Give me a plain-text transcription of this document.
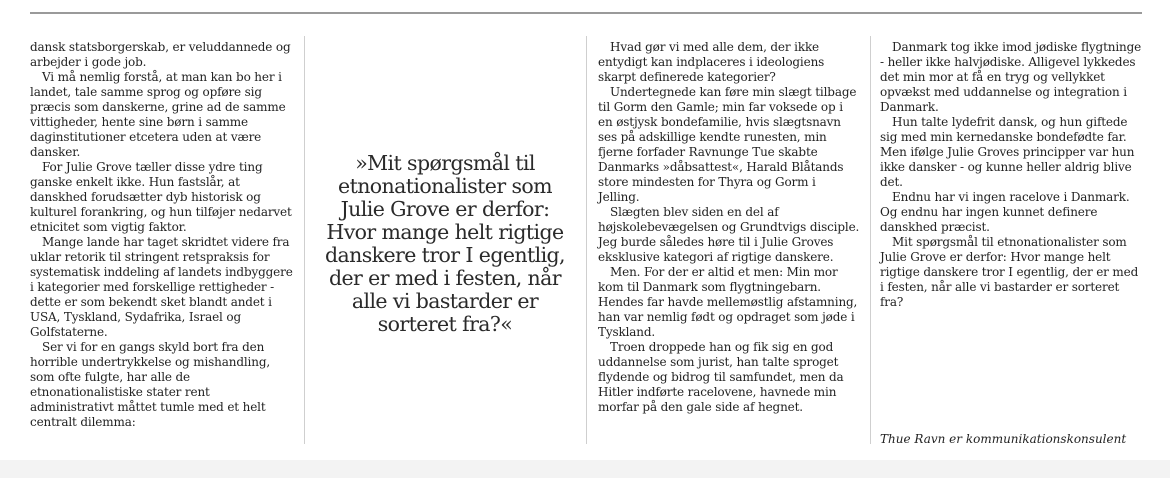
dansk statsborgerskab, er veluddannede og arbejder i gode job.

Vi må nemlig forstå, at man kan bo her i landet, tale samme sprog og opføre sig præcis som danskerne, grine ad de samme vittigheder, hente sine børn i samme daginstitutioner etcetera uden at være dansker.

For Julie Grove tæller disse ydre ting ganske enkelt ikke. Hun fastslår, at danskhed forudsætter dyb historisk og kulturel forankring, og hun tilføjer nedarvet etnicitet som vigtig faktor.

Mange lande har taget skridtet videre fra uklar retorik til stringent retspraksis for systematisk inddeling af landets indbyggere i kategorier med forskellige rettigheder - dette er som bekendt sket blandt andet i USA, Tyskland, Sydafrika, Israel og Golfstaterne.

Ser vi for en gangs skyld bort fra den horrible undertrykkelse og mishandling, som ofte fulgte, har alle de etnonationalistiske stater rent administrativt måttet tumle med et helt centralt dilemma:

»Mit spørgsmål til etnonationalister som Julie Grove er derfor: Hvor mange helt rigtige danskere tror I egentlig, der er med i festen, når alle vi bastarder er sorteret fra?«

Hvad gør vi med alle dem, der ikke entydigt kan indplaceres i ideologiens skarpt definerede kategorier?

Undertegnede kan føre min slægt tilbage til Gorm den Gamle; min far voksede op i en østjysk bondefamilie, hvis slægtsnavn ses på adskillige kendte runesten, min fjerne forfader Ravnunge Tue skabte Danmarks »dåbsattest«, Harald Blåtands store mindesten for Thyra og Gorm i Jelling.

Slægten blev siden en del af højskolebevægelsen og Grundtvigs disciple. Jeg burde således høre til i Julie Groves eksklusive kategori af rigtige danskere.

Men. For der er altid et men: Min mor kom til Danmark som flygtningebarn. Hendes far havde mellemøstlig afstamning, han var nemlig født og opdraget som jøde i Tyskland.

Troen droppede han og fik sig en god uddannelse som jurist, han talte sproget flydende og bidrog til samfundet, men da Hitler indførte racelovene, havnede min morfar på den gale side af hegnet.

Danmark tog ikke imod jødiske flygtninge - heller ikke halvjødiske. Alligevel lykkedes det min mor at få en tryg og vellykket opvækst med uddannelse og integration i Danmark.

Hun talte lydefrit dansk, og hun giftede sig med min kernedanske bondefødte far. Men ifølge Julie Groves principper var hun ikke dansker - og kunne heller aldrig blive det.

Endnu har vi ingen racelove i Danmark. Og endnu har ingen kunnet definere danskhed præcist.

Mit spørgsmål til etnonationalister som Julie Grove er derfor: Hvor mange helt rigtige danskere tror I egentlig, der er med i festen, når alle vi bastarder er sorteret fra?

Thue Ravn er kommunikationskonsulent
